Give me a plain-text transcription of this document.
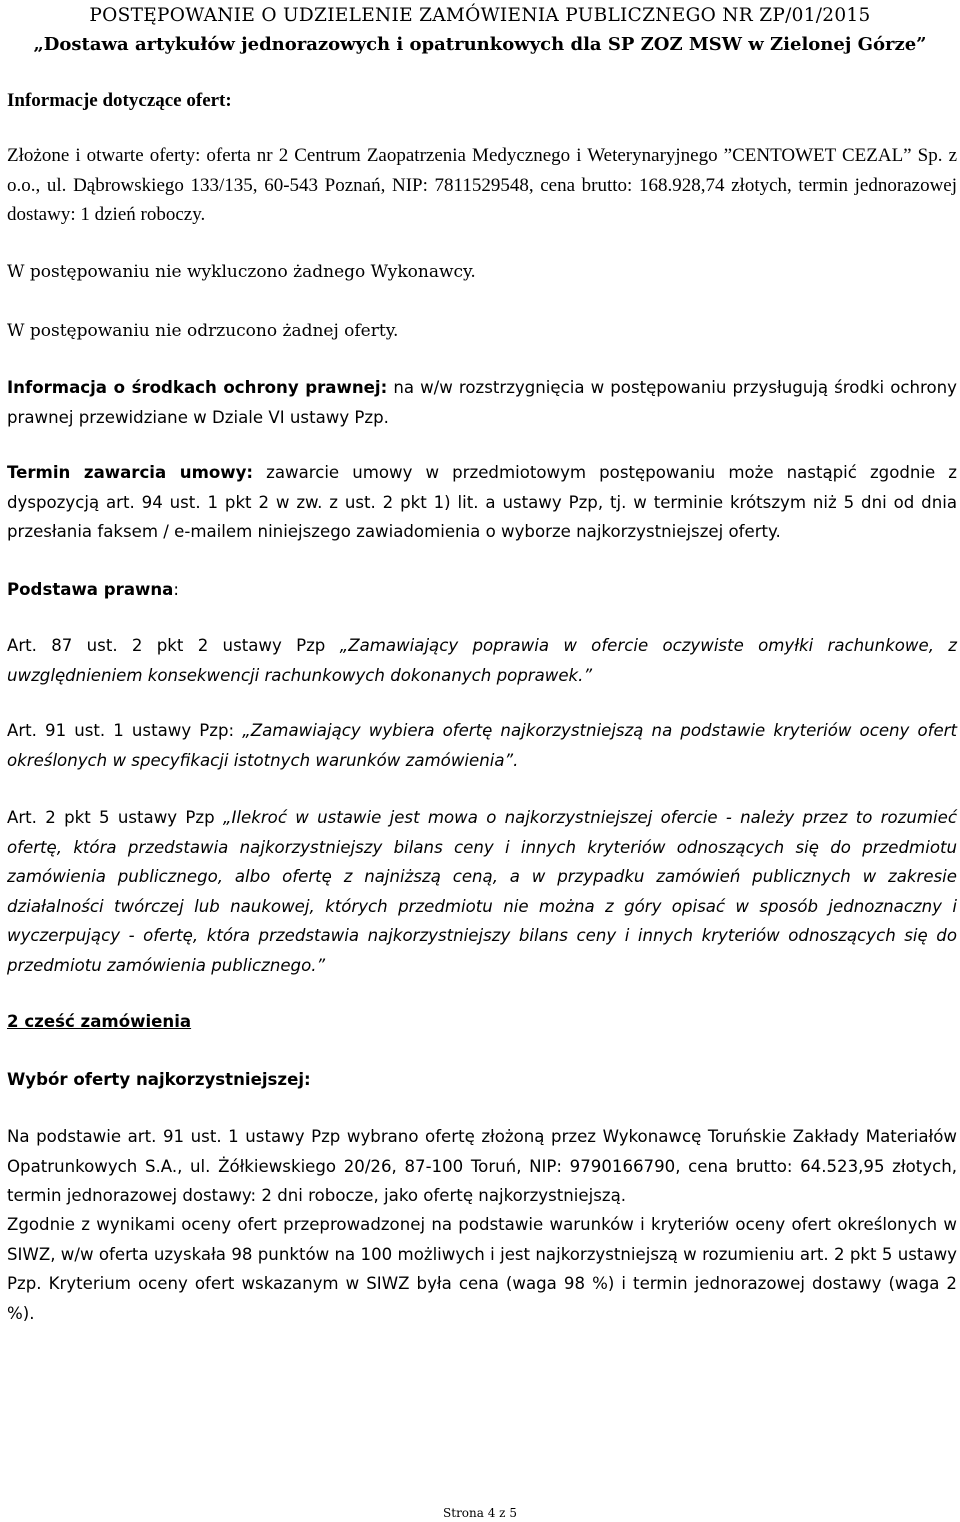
POSTĘPOWANIE O UDZIELENIE ZAMÓWIENIA PUBLICZNEGO NR ZP/01/2015
„Dostawa artykułów jednorazowych i opatrunkowych dla SP ZOZ MSW w Zielonej Górze”

Informacje dotyczące ofert:

Złożone i otwarte oferty: oferta nr 2 Centrum Zaopatrzenia Medycznego i Weterynaryjnego ”CENTOWET CEZAL” Sp. z o.o., ul. Dąbrowskiego 133/135, 60-543 Poznań, NIP: 7811529548, cena brutto: 168.928,74 złotych, termin jednorazowej dostawy: 1 dzień roboczy.

W postępowaniu nie wykluczono żadnego Wykonawcy.

W postępowaniu nie odrzucono żadnej oferty.

Informacja o środkach ochrony prawnej: na w/w rozstrzygnięcia w postępowaniu przysługują środki ochrony prawnej przewidziane w Dziale VI ustawy Pzp.

Termin zawarcia umowy: zawarcie umowy w przedmiotowym postępowaniu może nastąpić zgodnie z dyspozycją art. 94 ust. 1 pkt 2 w zw. z ust. 2 pkt 1) lit. a ustawy Pzp, tj. w terminie krótszym niż 5 dni od dnia przesłania faksem / e-mailem niniejszego zawiadomienia o wyborze najkorzystniejszej oferty.

Podstawa prawna:

Art. 87 ust. 2 pkt 2 ustawy Pzp „Zamawiający poprawia w ofercie oczywiste omyłki rachunkowe, z uwzględnieniem konsekwencji rachunkowych dokonanych poprawek.”

Art. 91 ust. 1 ustawy Pzp: „Zamawiający wybiera ofertę najkorzystniejszą na podstawie kryteriów oceny ofert określonych w specyfikacji istotnych warunków zamówienia”.

Art. 2 pkt 5 ustawy Pzp „Ilekroć w ustawie jest mowa o najkorzystniejszej ofercie - należy przez to rozumieć ofertę, która przedstawia najkorzystniejszy bilans ceny i innych kryteriów odnoszących się do przedmiotu zamówienia publicznego, albo ofertę z najniższą ceną, a w przypadku zamówień publicznych w zakresie działalności twórczej lub naukowej, których przedmiotu nie można z góry opisać w sposób jednoznaczny i wyczerpujący - ofertę, która przedstawia najkorzystniejszy bilans ceny i innych kryteriów odnoszących się do przedmiotu zamówienia publicznego.”

2 cześć zamówienia

Wybór oferty najkorzystniejszej:

Na podstawie art. 91 ust. 1 ustawy Pzp wybrano ofertę złożoną przez Wykonawcę Toruńskie Zakłady Materiałów Opatrunkowych S.A., ul. Żółkiewskiego 20/26, 87-100 Toruń, NIP: 9790166790, cena brutto: 64.523,95 złotych, termin jednorazowej dostawy: 2 dni robocze, jako ofertę najkorzystniejszą.

Zgodnie z wynikami oceny ofert przeprowadzonej na podstawie warunków i kryteriów oceny ofert określonych w SIWZ, w/w oferta uzyskała 98 punktów na 100 możliwych i jest najkorzystniejszą w rozumieniu art. 2 pkt 5 ustawy Pzp. Kryterium oceny ofert wskazanym w SIWZ była cena (waga 98 %) i termin jednorazowej dostawy (waga 2 %).

Strona 4 z 5
